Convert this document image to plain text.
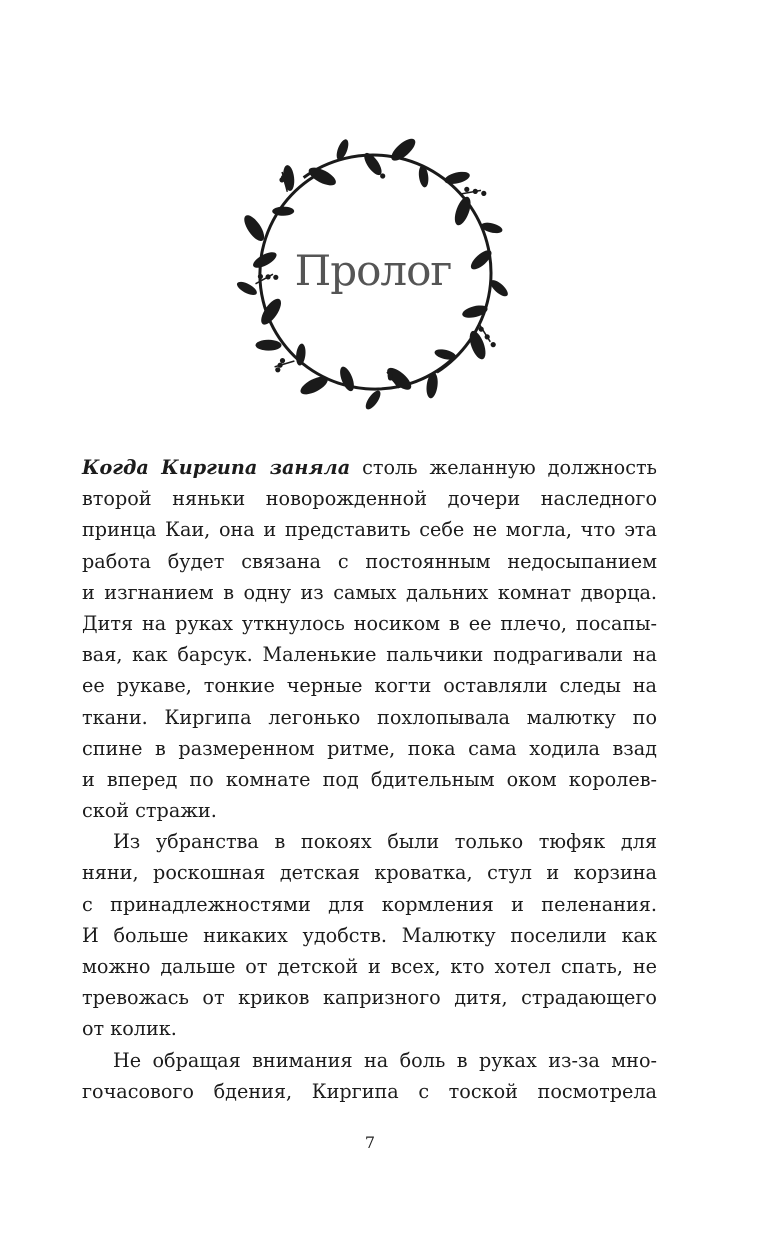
Пролог

Когда Киргипа заняла столь желанную должность
второй няньки новорожденной дочери наследного
принца Каи, она и представить себе не могла, что эта
работа будет связана с постоянным недосыпанием
и изгнанием в одну из самых дальних комнат дворца.
Дитя на руках уткнулось носиком в ее плечо, посапы-
вая, как барсук. Маленькие пальчики подрагивали на
ее рукаве, тонкие черные когти оставляли следы на
ткани. Киргипа легонько похлопывала малютку по
спине в размеренном ритме, пока сама ходила взад
и вперед по комнате под бдительным оком королев-
ской стражи.

Из убранства в покоях были только тюфяк для
няни, роскошная детская кроватка, стул и корзина
с принадлежностями для кормления и пеленания.
И больше никаких удобств. Малютку поселили как
можно дальше от детской и всех, кто хотел спать, не
тревожась от криков капризного дитя, страдающего
от колик.

Не обращая внимания на боль в руках из-за мно-
гочасового бдения, Киргипа с тоской посмотрела

7
